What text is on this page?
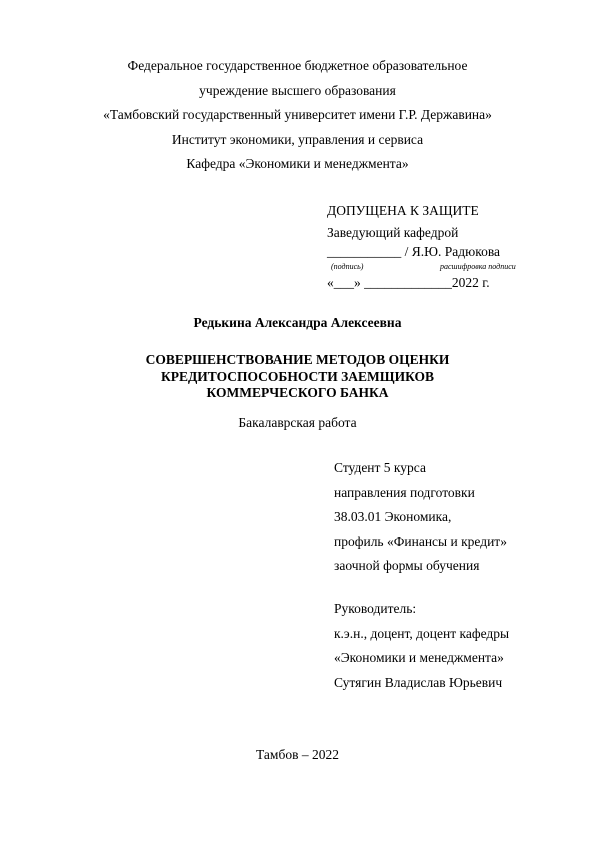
Федеральное государственное бюджетное образовательное
учреждение высшего образования
«Тамбовский государственный университет имени Г.Р. Державина»
Институт экономики, управления и сервиса
Кафедра «Экономики и менеджмента»
ДОПУЩЕНА К ЗАЩИТЕ
Заведующий кафедрой
___________ / Я.Ю. Радюкова
(подпись)	расшифровка подписи
«___» _____________2022 г.
Редькина Александра Алексеевна
СОВЕРШЕНСТВОВАНИЕ МЕТОДОВ ОЦЕНКИ
КРЕДИТОСПОСОБНОСТИ ЗАЕМЩИКОВ
КОММЕРЧЕСКОГО БАНКА
Бакалаврская работа
Студент 5 курса
направления подготовки
38.03.01 Экономика,
профиль «Финансы и кредит»
заочной формы обучения
Руководитель:
к.э.н., доцент, доцент кафедры
«Экономики и менеджмента»
Сутягин Владислав Юрьевич
Тамбов – 2022
